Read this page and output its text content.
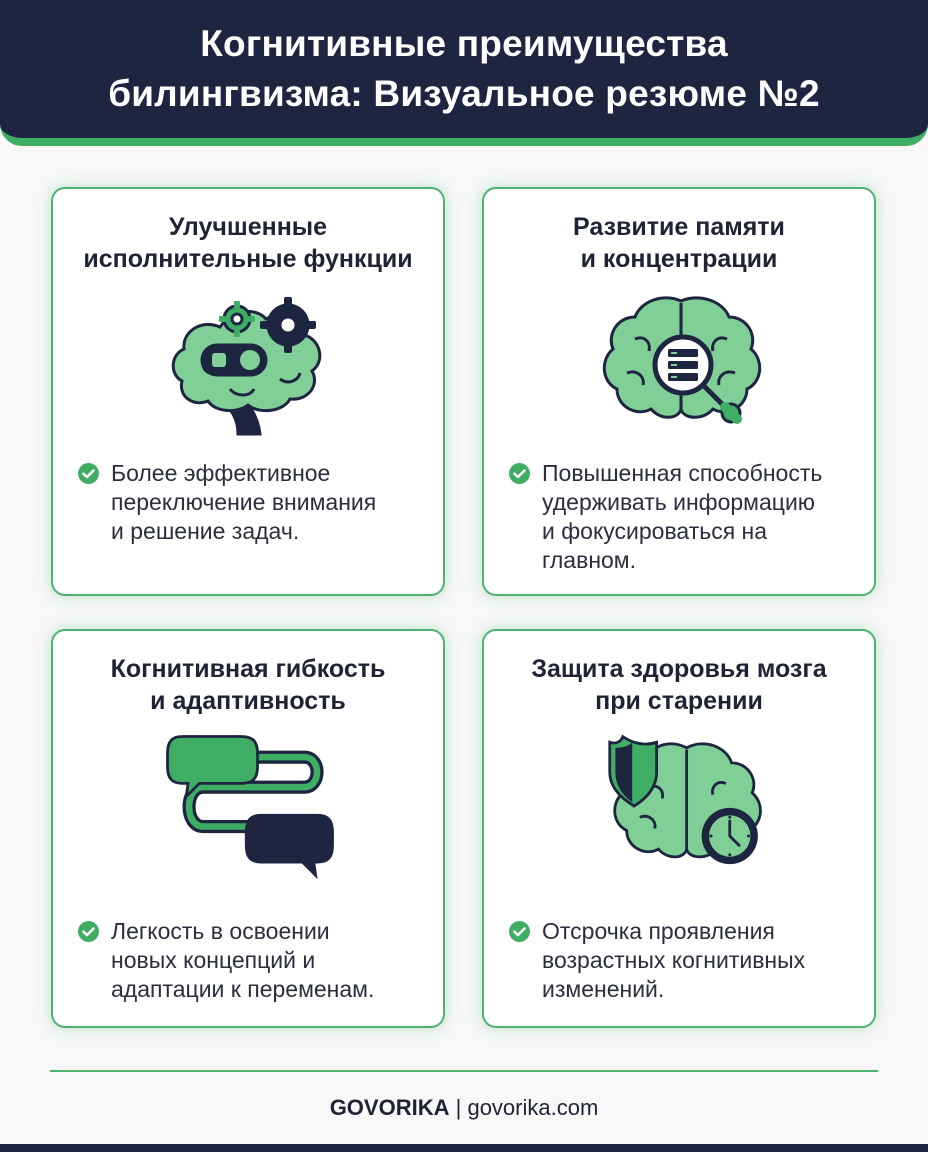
Когнитивные преимущества
билингвизма: Визуальное резюме №2
Улучшенные
исполнительные функции
Более эффективное
переключение внимания
и решение задач.
Развитие памяти
и концентрации
Повышенная способность
удерживать информацию
и фокусироваться на
главном.
Когнитивная гибкость
и адаптивность
Легкость в освоении
новых концепций и
адаптации к переменам.
Защита здоровья мозга
при старении
Отсрочка проявления
возрастных когнитивных
изменений.
GOVORIKA | govorika.com
